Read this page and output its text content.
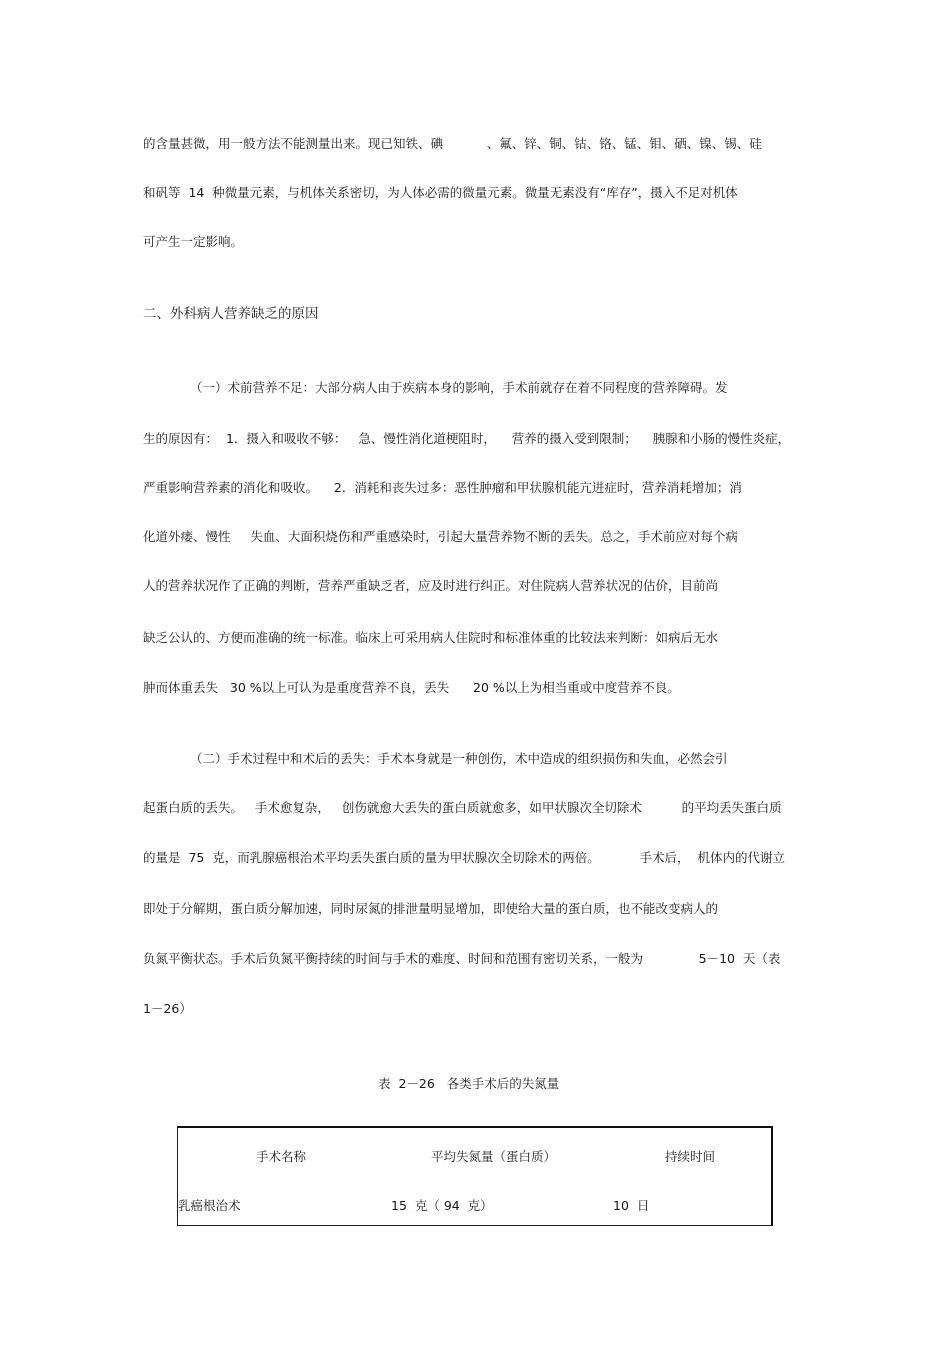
的含量甚微，用一般方法不能测量出来。现已知铁、碘           、氟、锌、铜、钴、铬、锰、钼、硒、镍、锡、硅
和矾等  14  种微量元素，与机体关系密切，为人体必需的微量元素。微量无素没有“库存”，摄入不足对机体
可产生一定影响。
二、外科病人营养缺乏的原因
（一）术前营养不足：大部分病人由于疾病本身的影响，手术前就存在着不同程度的营养障碍。发
生的原因有：  1．摄入和吸收不够：   急、慢性消化道梗阻时，    营养的摄入受到限制；    胰腺和小肠的慢性炎症，
严重影响营养素的消化和吸收。    2．消耗和丧失过多：恶性肿瘤和甲状腺机能亢进症时，营养消耗增加；消
化道外瘘、慢性     失血、大面积烧伤和严重感染时，引起大量营养物不断的丢失。总之，手术前应对每个病
人的营养状况作了正确的判断，营养严重缺乏者，应及时进行纠正。对住院病人营养状况的估价，目前尚
缺乏公认的、方便而准确的统一标准。临床上可采用病人住院时和标准体重的比较法来判断：如病后无水
肿而体重丢失   30 %以上可认为是重度营养不良，丢失      20 %以上为相当重或中度营养不良。
（二）手术过程中和术后的丢失：手术本身就是一种创伤，术中造成的组织损伤和失血，必然会引
起蛋白质的丢失。   手术愈复杂，   创伤就愈大丢失的蛋白质就愈多，如甲状腺次全切除术          的平均丢失蛋白质
的量是  75  克，而乳腺癌根治术平均丢失蛋白质的量为甲状腺次全切除术的两倍。          手术后，  机体内的代谢立
即处于分解期，蛋白质分解加速，同时尿氮的排泄量明显增加，即使给大量的蛋白质，也不能改变病人的
负氮平衡状态。手术后负氮平衡持续的时间与手术的难度、时间和范围有密切关系，一般为              5－10  天（表
1－26）
表  2－26   各类手术后的失氮量
手术名称	平均失氮量（蛋白质）	持续时间
乳癌根治术	15  克（ 94  克）	10  日
